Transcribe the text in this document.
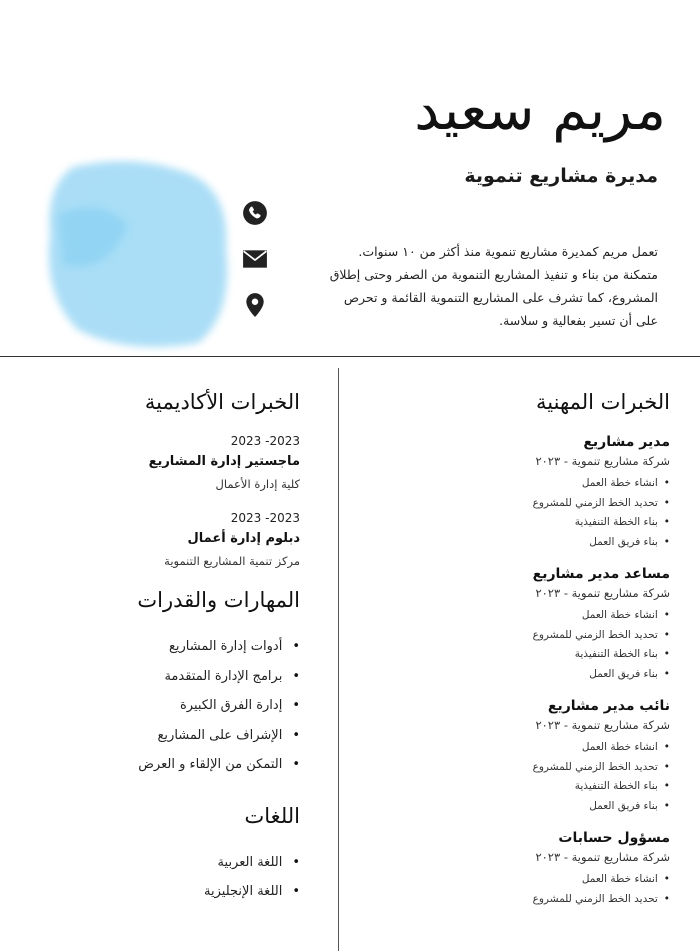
مريم سعيد
مديرة مشاريع تنموية

تعمل مريم كمديرة مشاريع تنموية منذ أكثر من ١٠ سنوات. متمكنة من بناء و تنفيذ المشاريع التنموية من الصفر وحتى إطلاق المشروع، كما تشرف على المشاريع التنموية القائمة و تحرص على أن تسير بفعالية و سلاسة.

الخبرات المهنية
مدير مشاريع
شركة مشاريع تنموية - ٢٠٢٣
• انشاء خطة العمل
• تحديد الخط الزمني للمشروع
• بناء الخطة التنفيذية
• بناء فريق العمل
مساعد مدير مشاريع
شركة مشاريع تنموية - ٢٠٢٣
• انشاء خطة العمل
• تحديد الخط الزمني للمشروع
• بناء الخطة التنفيذية
• بناء فريق العمل
نائب مدير مشاريع
شركة مشاريع تنموية - ٢٠٢٣
• انشاء خطة العمل
• تحديد الخط الزمني للمشروع
• بناء الخطة التنفيذية
• بناء فريق العمل
مسؤول حسابات
شركة مشاريع تنموية - ٢٠٢٣
• انشاء خطة العمل
• تحديد الخط الزمني للمشروع
الخبرات الأكاديمية
2023 -2023
ماجستير إدارة المشاريع
كلية إدارة الأعمال
2023 -2023
دبلوم إدارة أعمال
مركز تنمية المشاريع التنموية
المهارات والقدرات
• أدوات إدارة المشاريع
• برامج الإدارة المتقدمة
• إدارة الفرق الكبيرة
• الإشراف على المشاريع
• التمكن من الإلقاء و العرض
اللغات
• اللغة العربية
• اللغة الإنجليزية
